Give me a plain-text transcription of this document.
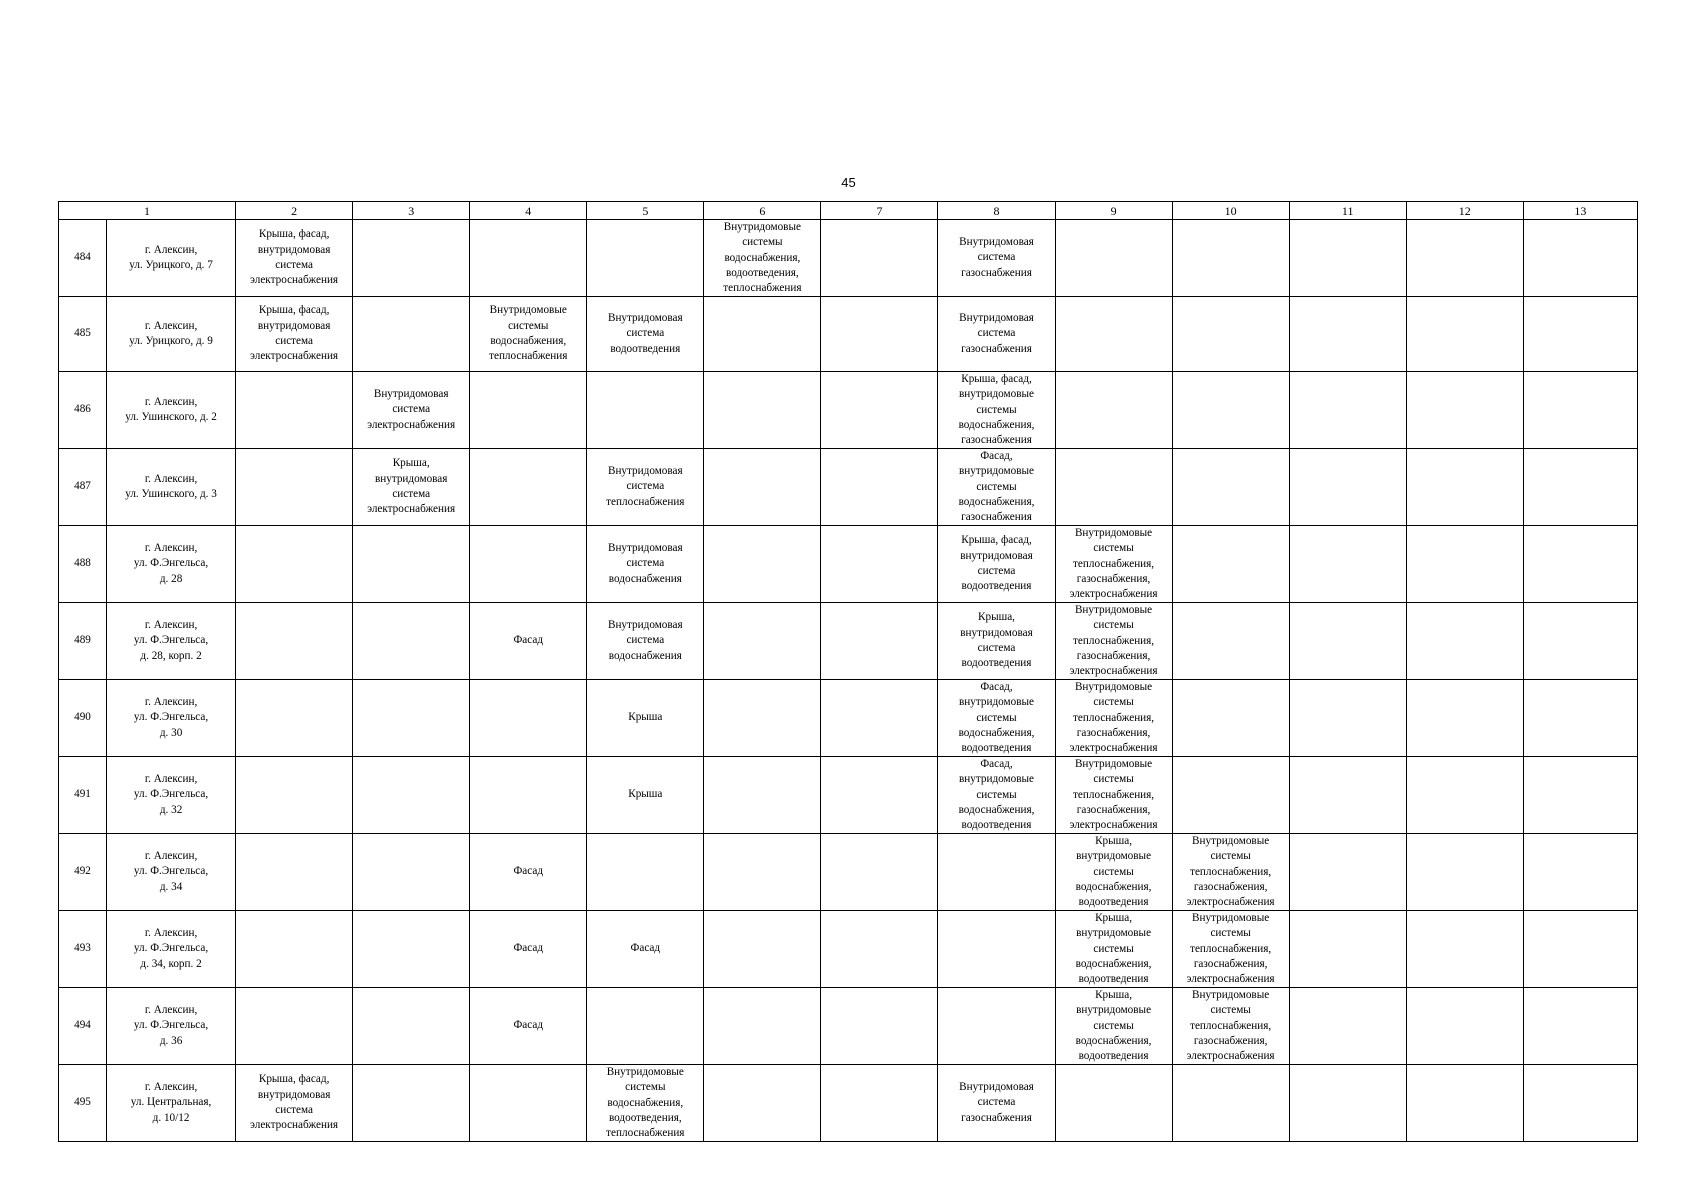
45
1		2	3	4	5	6	7	8	9	10	11	12	13

484	г. Алексин,
ул. Урицкого, д. 7	Крыша, фасад,
внутридомовая
система
электроснабжения				Внутридомовые
системы
водоснабжения,
водоотведения,
теплоснабжения		Внутридомовая
система
газоснабжения					

485	г. Алексин,
ул. Урицкого, д. 9	Крыша, фасад,
внутридомовая
система
электроснабжения		Внутридомовые
системы
водоснабжения,
теплоснабжения	Внутридомовая
система
водоотведения			Внутридомовая
система
газоснабжения					

486	г. Алексин,
ул. Ушинского, д. 2		Внутридомовая
система
электроснабжения					Крыша, фасад,
внутридомовые
системы
водоснабжения,
газоснабжения					

487	г. Алексин,
ул. Ушинского, д. 3		Крыша,
внутридомовая
система
электроснабжения		Внутридомовая
система
теплоснабжения			Фасад,
внутридомовые
системы
водоснабжения,
газоснабжения					

488	г. Алексин,
ул. Ф.Энгельса,
д. 28				Внутридомовая
система
водоснабжения			Крыша, фасад,
внутридомовая
система
водоотведения	Внутридомовые
системы
теплоснабжения,
газоснабжения,
электроснабжения				

489	г. Алексин,
ул. Ф.Энгельса,
д. 28, корп. 2			Фасад	Внутридомовая
система
водоснабжения			Крыша,
внутридомовая
система
водоотведения	Внутридомовые
системы
теплоснабжения,
газоснабжения,
электроснабжения				

490	г. Алексин,
ул. Ф.Энгельса,
д. 30				Крыша			Фасад,
внутридомовые
системы
водоснабжения,
водоотведения	Внутридомовые
системы
теплоснабжения,
газоснабжения,
электроснабжения				

491	г. Алексин,
ул. Ф.Энгельса,
д. 32				Крыша			Фасад,
внутридомовые
системы
водоснабжения,
водоотведения	Внутридомовые
системы
теплоснабжения,
газоснабжения,
электроснабжения				

492	г. Алексин,
ул. Ф.Энгельса,
д. 34			Фасад					Крыша,
внутридомовые
системы
водоснабжения,
водоотведения	Внутридомовые
системы
теплоснабжения,
газоснабжения,
электроснабжения			

493	г. Алексин,
ул. Ф.Энгельса,
д. 34, корп. 2			Фасад	Фасад				Крыша,
внутридомовые
системы
водоснабжения,
водоотведения	Внутридомовые
системы
теплоснабжения,
газоснабжения,
электроснабжения			

494	г. Алексин,
ул. Ф.Энгельса,
д. 36			Фасад					Крыша,
внутридомовые
системы
водоснабжения,
водоотведения	Внутридомовые
системы
теплоснабжения,
газоснабжения,
электроснабжения			

495	г. Алексин,
ул. Центральная,
д. 10/12	Крыша, фасад,
внутридомовая
система
электроснабжения			Внутридомовые
системы
водоснабжения,
водоотведения,
теплоснабжения			Внутридомовая
система
газоснабжения					
